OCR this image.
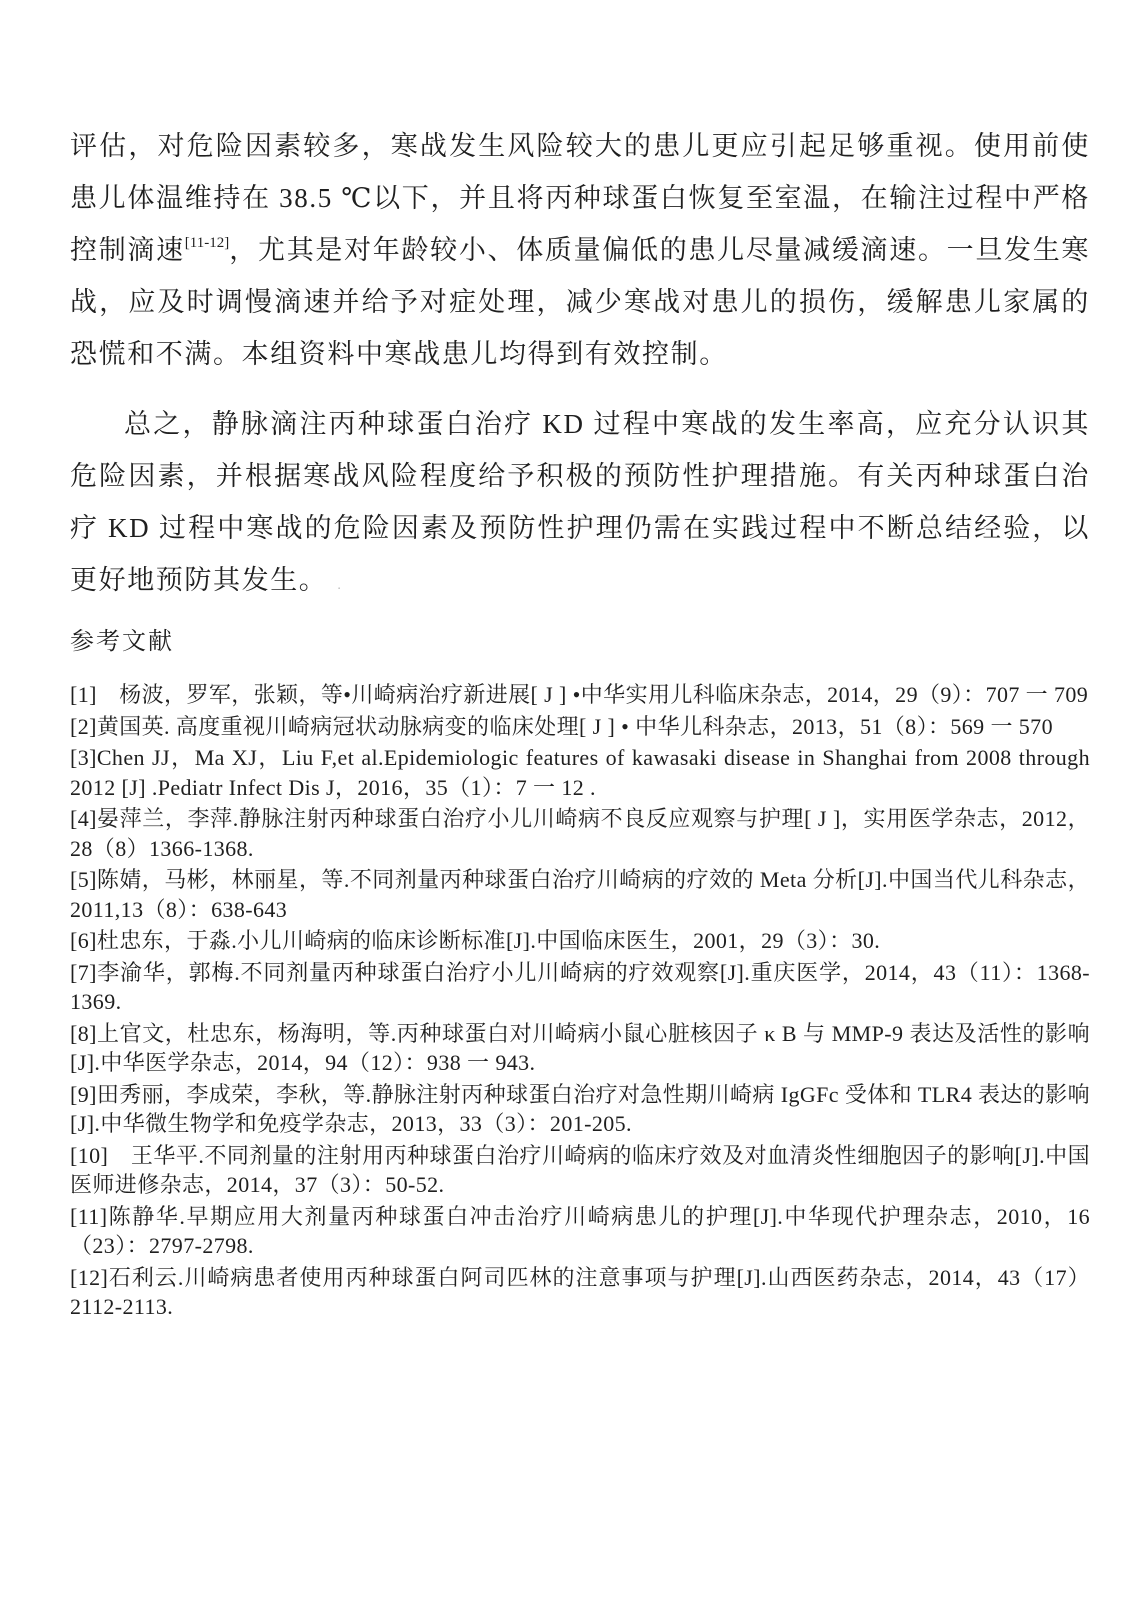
评估，对危险因素较多，寒战发生风险较大的患儿更应引起足够重视。使用前使患儿体温维持在 38.5 ℃以下，并且将丙种球蛋白恢复至室温，在输注过程中严格控制滴速[11-12]，尤其是对年龄较小、体质量偏低的患儿尽量减缓滴速。一旦发生寒战，应及时调慢滴速并给予对症处理，减少寒战对患儿的损伤，缓解患儿家属的恐慌和不满。本组资料中寒战患儿均得到有效控制。

总之，静脉滴注丙种球蛋白治疗 KD 过程中寒战的发生率高，应充分认识其危险因素，并根据寒战风险程度给予积极的预防性护理措施。有关丙种球蛋白治疗 KD 过程中寒战的危险因素及预防性护理仍需在实践过程中不断总结经验，以更好地预防其发生。 .

参考文献
[1]　杨波，罗军，张颖，等•川崎病治疗新进展[ J ] •中华实用儿科临床杂志，2014，29（9）：707 一 709
[2]黄国英. 高度重视川崎病冠状动脉病变的临床处理[ J ] • 中华儿科杂志，2013，51（8）：569 一 570
[3]Chen JJ，Ma XJ，Liu F,et al.Epidemiologic features of kawasaki disease in Shanghai from 2008 through 2012 [J] .Pediatr Infect Dis J，2016，35（1）：7 一 12 .
[4]晏萍兰，李萍.静脉注射丙种球蛋白治疗小儿川崎病不良反应观察与护理[ J ]，实用医学杂志，2012，28（8）1366-1368.
[5]陈婧，马彬，林丽星，等.不同剂量丙种球蛋白治疗川崎病的疗效的 Meta 分析[J].中国当代儿科杂志，2011,13（8）：638-643
[6]杜忠东，于淼.小儿川崎病的临床诊断标准[J].中国临床医生，2001，29（3）：30.
[7]李渝华，郭梅.不同剂量丙种球蛋白治疗小儿川崎病的疗效观察[J].重庆医学，2014，43（11）：1368-1369.
[8]上官文，杜忠东，杨海明，等.丙种球蛋白对川崎病小鼠心脏核因子 κ B 与 MMP-9 表达及活性的影响[J].中华医学杂志，2014，94（12）：938 一 943.
[9]田秀丽，李成荣，李秋，等.静脉注射丙种球蛋白治疗对急性期川崎病 IgGFc 受体和 TLR4 表达的影响[J].中华微生物学和免疫学杂志，2013，33（3）：201-205.
[10]　王华平.不同剂量的注射用丙种球蛋白治疗川崎病的临床疗效及对血清炎性细胞因子的影响[J].中国医师进修杂志，2014，37（3）：50-52.
[11]陈静华.早期应用大剂量丙种球蛋白冲击治疗川崎病患儿的护理[J].中华现代护理杂志，2010，16（23）：2797-2798.
[12]石利云.川崎病患者使用丙种球蛋白阿司匹林的注意事项与护理[J].山西医药杂志，2014，43（17）2112-2113.
